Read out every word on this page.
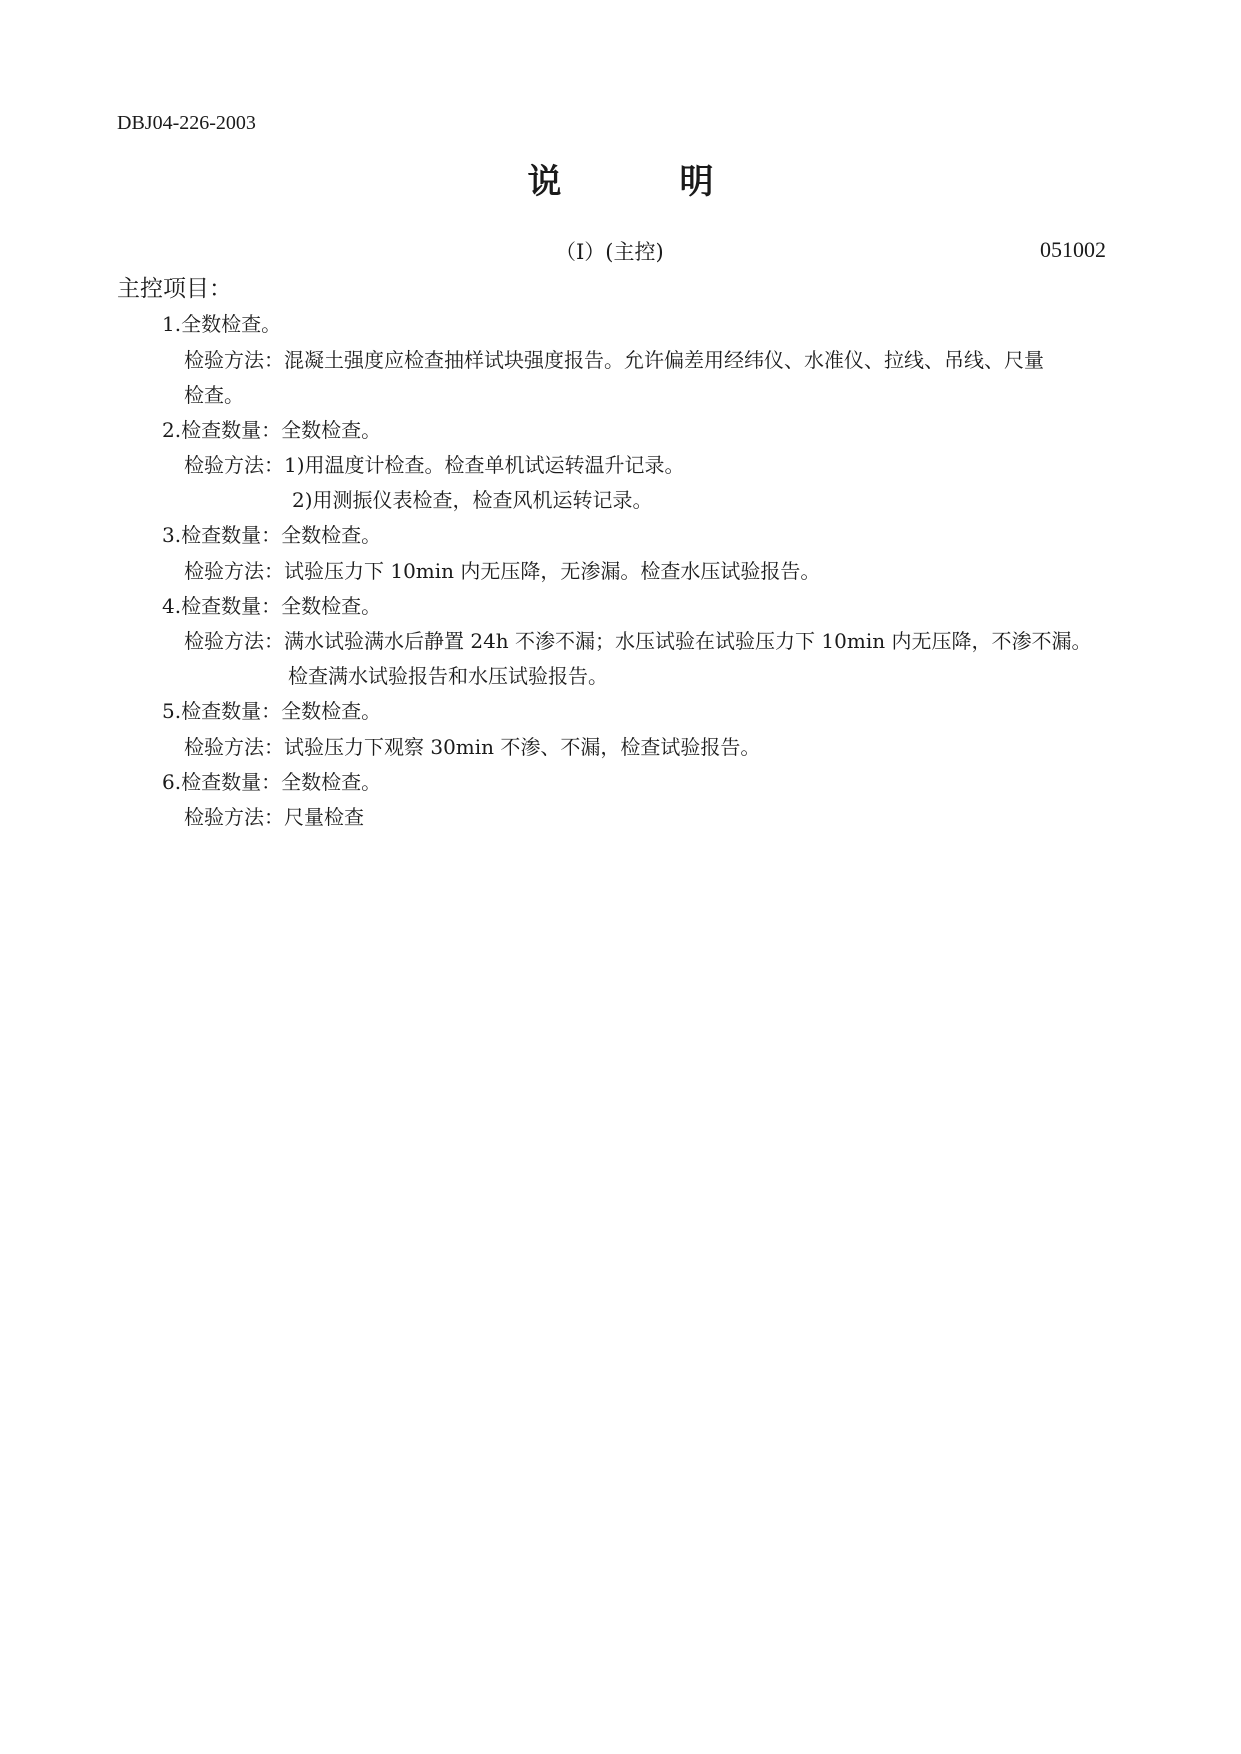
DBJ04-226-2003
说　明
（Ⅰ）(主控)	051002
主控项目：
1.全数检查。
检验方法：混凝土强度应检查抽样试块强度报告。允许偏差用经纬仪、水准仪、拉线、吊线、尺量
检查。
2.检查数量：全数检查。
检验方法：1)用温度计检查。检查单机试运转温升记录。
2)用测振仪表检查，检查风机运转记录。
3.检查数量：全数检查。
检验方法：试验压力下 10min 内无压降，无渗漏。检查水压试验报告。
4.检查数量：全数检查。
检验方法：满水试验满水后静置 24h 不渗不漏；水压试验在试验压力下 10min 内无压降，不渗不漏。
检查满水试验报告和水压试验报告。
5.检查数量：全数检查。
检验方法：试验压力下观察 30min 不渗、不漏，检查试验报告。
6.检查数量：全数检查。
检验方法：尺量检查
